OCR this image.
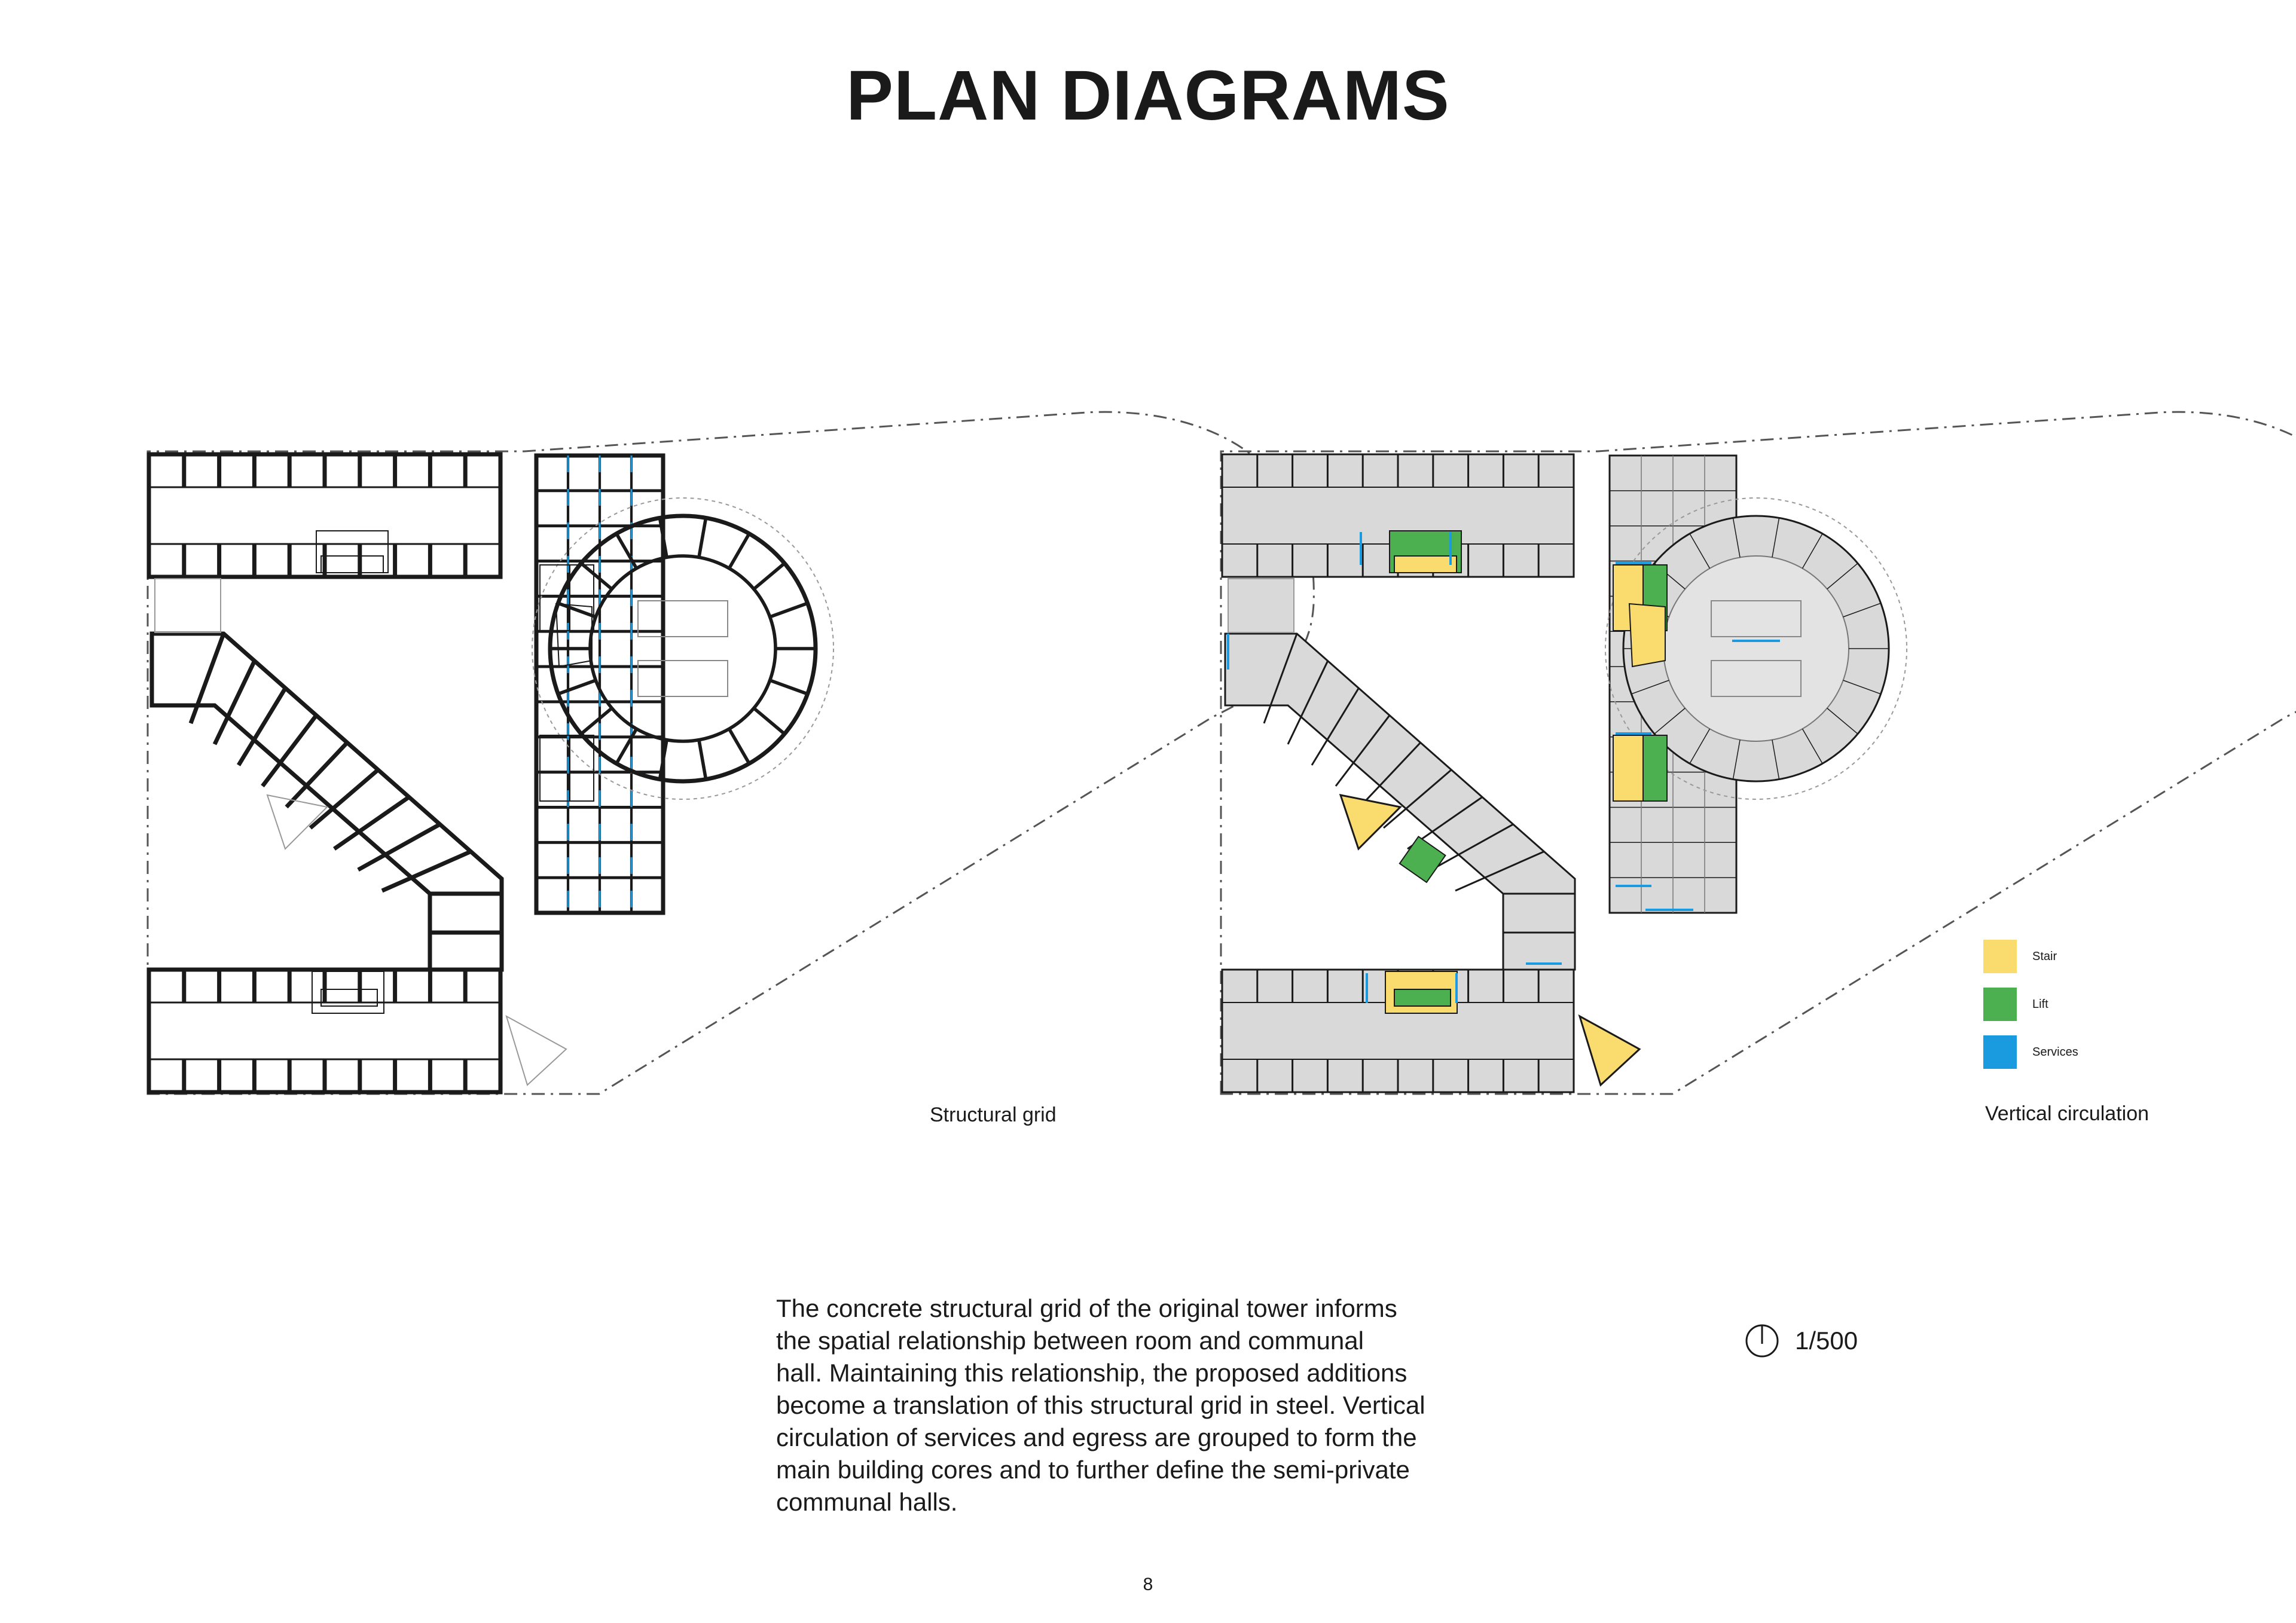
PLAN DIAGRAMS
Structural grid	Vertical circulation
Stair
Lift
Services

The concrete structural grid of the original tower informs

the spatial relationship between room and communal

hall. Maintaining this relationship, the proposed additions

become a translation of this structural grid in steel. Vertical

circulation of services and egress are grouped to form the

main building cores and to further define the semi-private

communal halls.

1/500
8
